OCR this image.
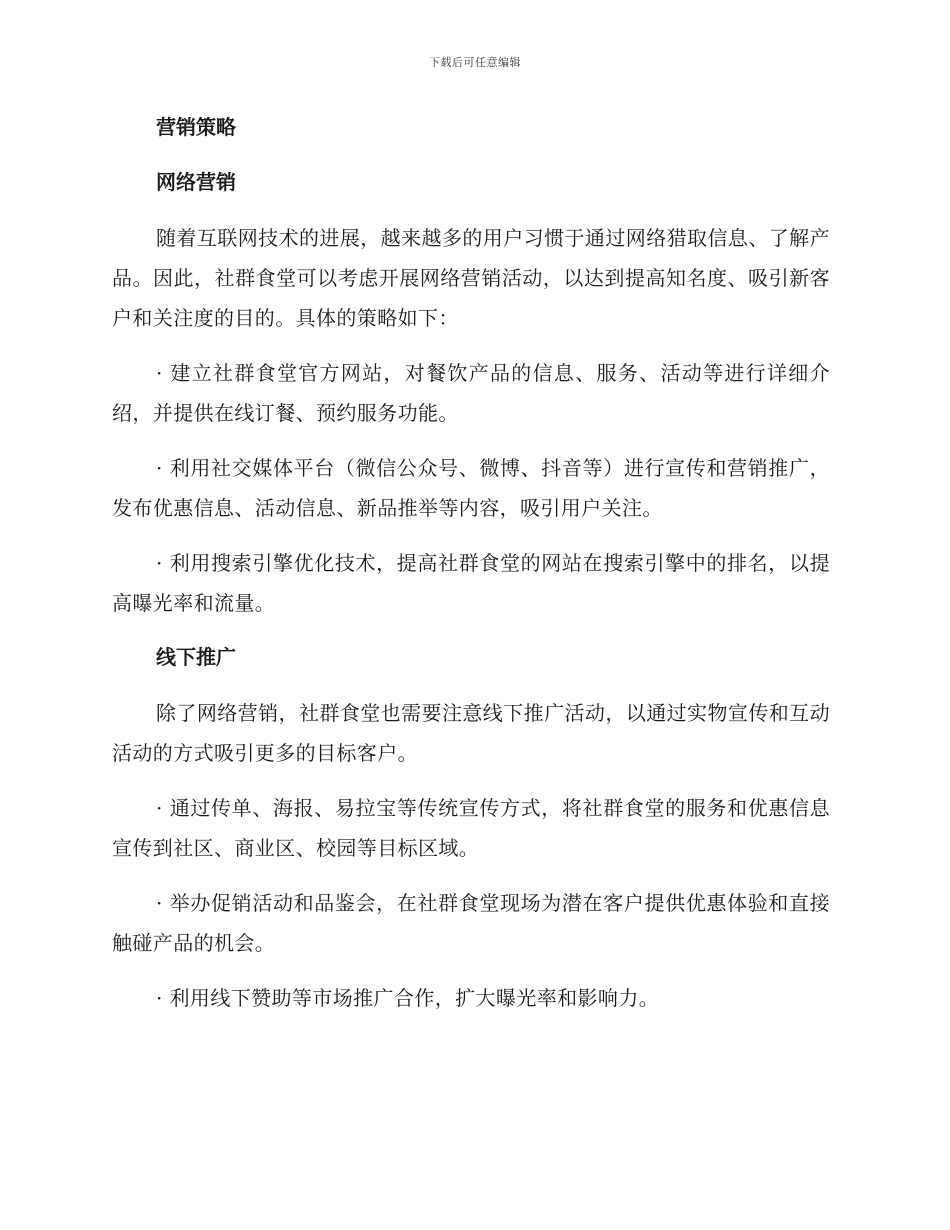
下载后可任意编辑
营销策略
网络营销

随着互联网技术的进展，越来越多的用户习惯于通过网络猎取信息、了解产品。因此，社群食堂可以考虑开展网络营销活动，以达到提高知名度、吸引新客户和关注度的目的。具体的策略如下：

· 建立社群食堂官方网站，对餐饮产品的信息、服务、活动等进行详细介绍，并提供在线订餐、预约服务功能。

· 利用社交媒体平台（微信公众号、微博、抖音等）进行宣传和营销推广，发布优惠信息、活动信息、新品推举等内容，吸引用户关注。

· 利用搜索引擎优化技术，提高社群食堂的网站在搜索引擎中的排名，以提高曝光率和流量。

线下推广

除了网络营销，社群食堂也需要注意线下推广活动，以通过实物宣传和互动活动的方式吸引更多的目标客户。

· 通过传单、海报、易拉宝等传统宣传方式，将社群食堂的服务和优惠信息宣传到社区、商业区、校园等目标区域。

· 举办促销活动和品鉴会，在社群食堂现场为潜在客户提供优惠体验和直接触碰产品的机会。

· 利用线下赞助等市场推广合作，扩大曝光率和影响力。
